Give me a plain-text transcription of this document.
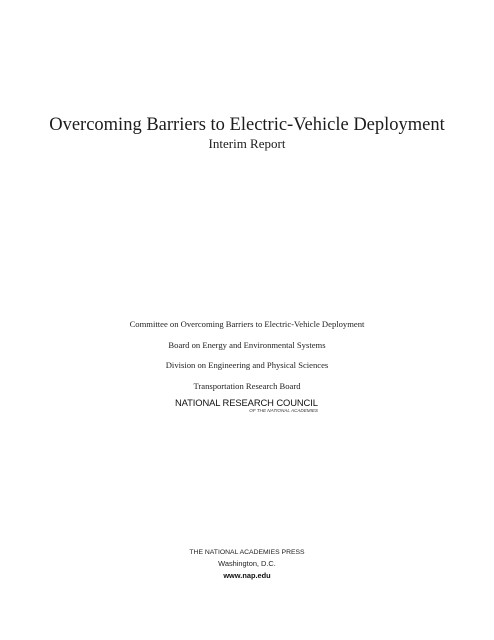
Overcoming Barriers to Electric-Vehicle Deployment
Interim Report
Committee on Overcoming Barriers to Electric-Vehicle Deployment
Board on Energy and Environmental Systems
Division on Engineering and Physical Sciences
Transportation Research Board
NATIONAL RESEARCH COUNCIL
OF THE NATIONAL ACADEMIES
THE NATIONAL ACADEMIES PRESS
Washington, D.C.
www.nap.edu
